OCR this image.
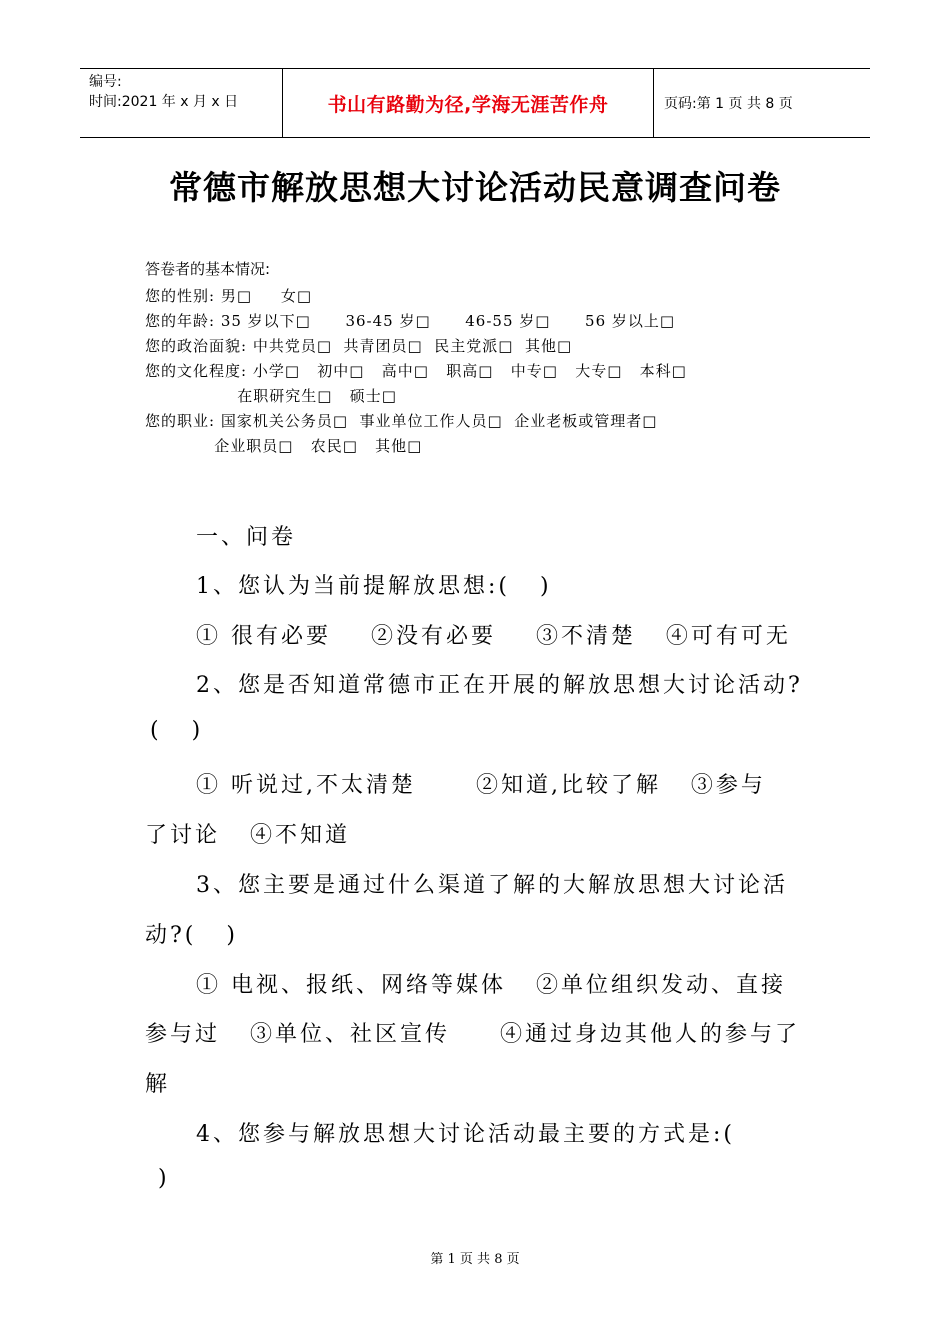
编号:
时间:2021 年 x 月 x 日	书山有路勤为径,学海无涯苦作舟	页码:第 1 页 共 8 页
常德市解放思想大讨论活动民意调查问卷
答卷者的基本情况:
您的性别: 男□     女□
您的年龄: 35 岁以下□      36-45 岁□      46-55 岁□      56 岁以上□
您的政治面貌: 中共党员□  共青团员□  民主党派□  其他□
您的文化程度: 小学□   初中□   高中□   职高□   中专□   大专□   本科□
在职研究生□   硕士□
您的职业: 国家机关公务员□  事业单位工作人员□  企业老板或管理者□
企业职员□   农民□   其他□
一、问卷
1、您认为当前提解放思想:(   )
① 很有必要    ②没有必要    ③不清楚   ④可有可无
2、您是否知道常德市正在开展的解放思想大讨论活动?
(   )
① 听说过,不太清楚      ②知道,比较了解   ③参与
了讨论   ④不知道
3、您主要是通过什么渠道了解的大解放思想大讨论活
动?(   )
① 电视、报纸、网络等媒体   ②单位组织发动、直接
参与过   ③单位、社区宣传     ④通过身边其他人的参与了
解
4、您参与解放思想大讨论活动最主要的方式是:(
)
第 1 页 共 8 页
